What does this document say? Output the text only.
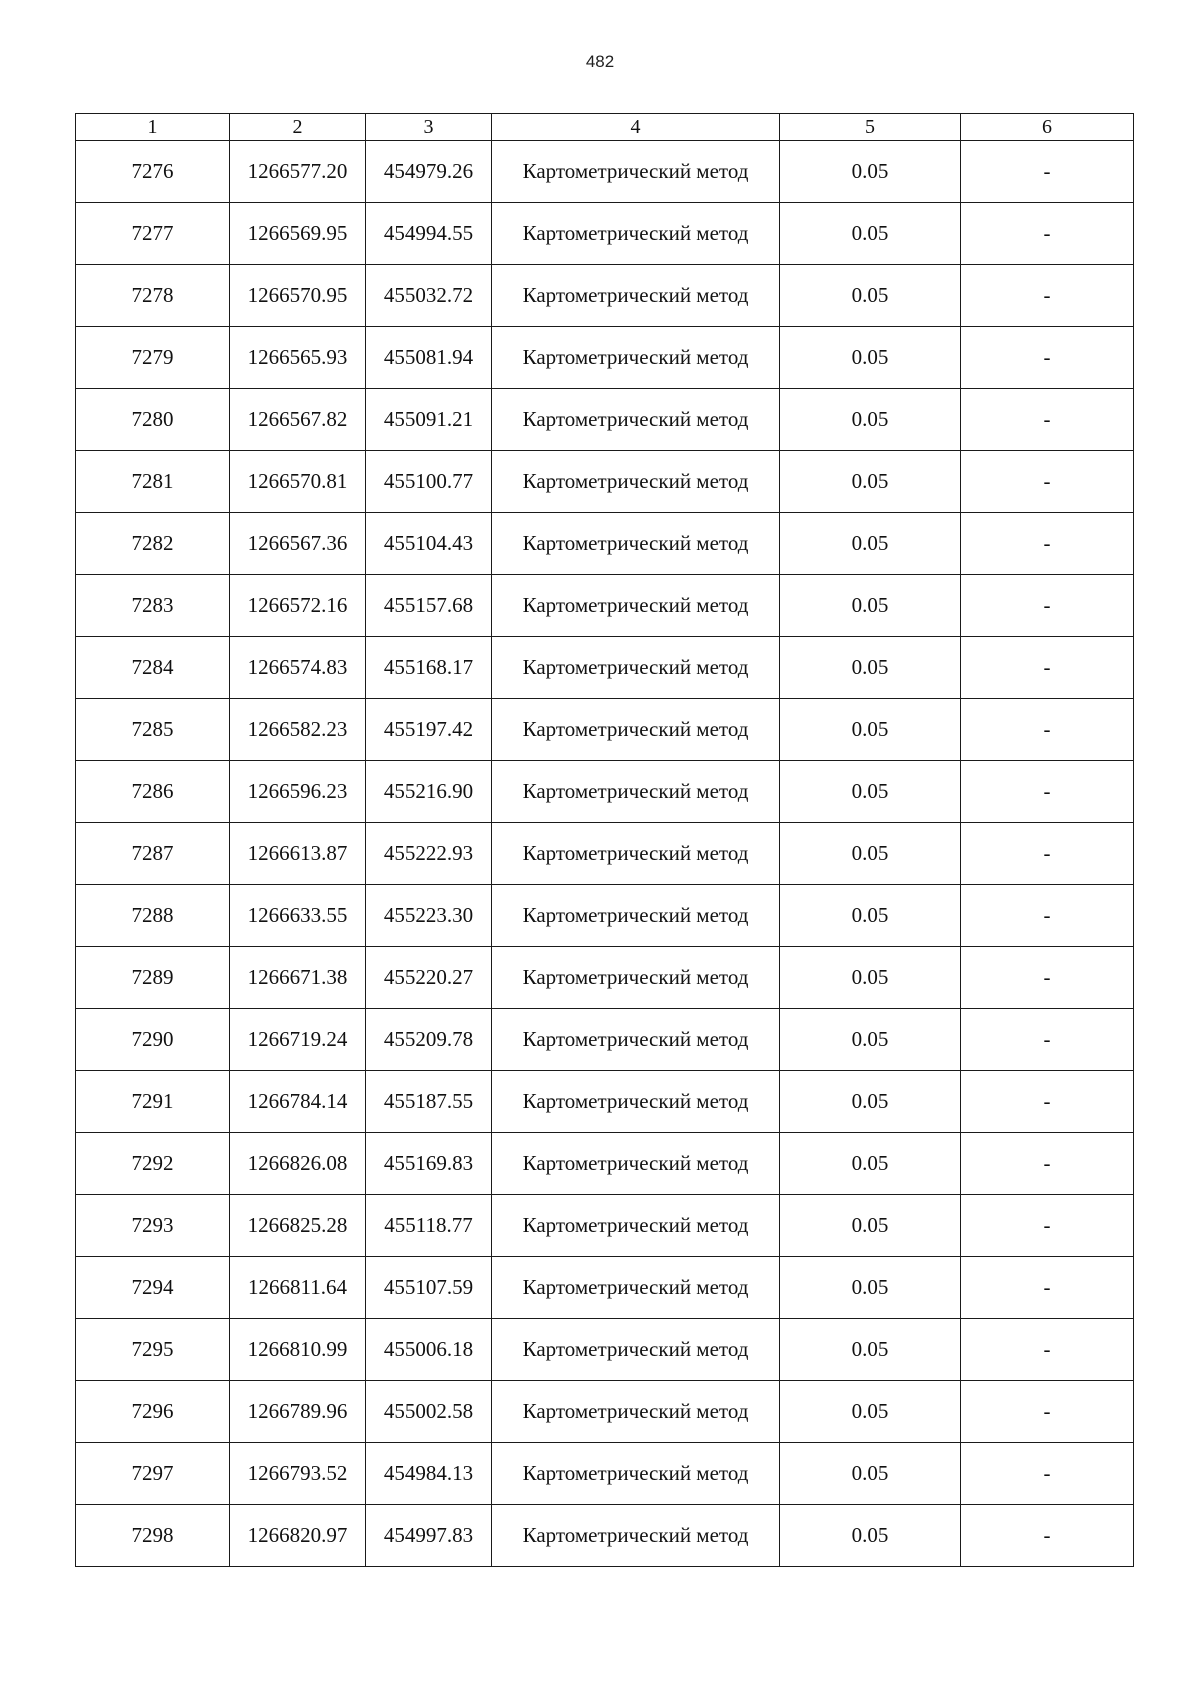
482
1	2	3	4	5	6
7276	1266577.20	454979.26	Картометрический метод	0.05	-
7277	1266569.95	454994.55	Картометрический метод	0.05	-
7278	1266570.95	455032.72	Картометрический метод	0.05	-
7279	1266565.93	455081.94	Картометрический метод	0.05	-
7280	1266567.82	455091.21	Картометрический метод	0.05	-
7281	1266570.81	455100.77	Картометрический метод	0.05	-
7282	1266567.36	455104.43	Картометрический метод	0.05	-
7283	1266572.16	455157.68	Картометрический метод	0.05	-
7284	1266574.83	455168.17	Картометрический метод	0.05	-
7285	1266582.23	455197.42	Картометрический метод	0.05	-
7286	1266596.23	455216.90	Картометрический метод	0.05	-
7287	1266613.87	455222.93	Картометрический метод	0.05	-
7288	1266633.55	455223.30	Картометрический метод	0.05	-
7289	1266671.38	455220.27	Картометрический метод	0.05	-
7290	1266719.24	455209.78	Картометрический метод	0.05	-
7291	1266784.14	455187.55	Картометрический метод	0.05	-
7292	1266826.08	455169.83	Картометрический метод	0.05	-
7293	1266825.28	455118.77	Картометрический метод	0.05	-
7294	1266811.64	455107.59	Картометрический метод	0.05	-
7295	1266810.99	455006.18	Картометрический метод	0.05	-
7296	1266789.96	455002.58	Картометрический метод	0.05	-
7297	1266793.52	454984.13	Картометрический метод	0.05	-
7298	1266820.97	454997.83	Картометрический метод	0.05	-
